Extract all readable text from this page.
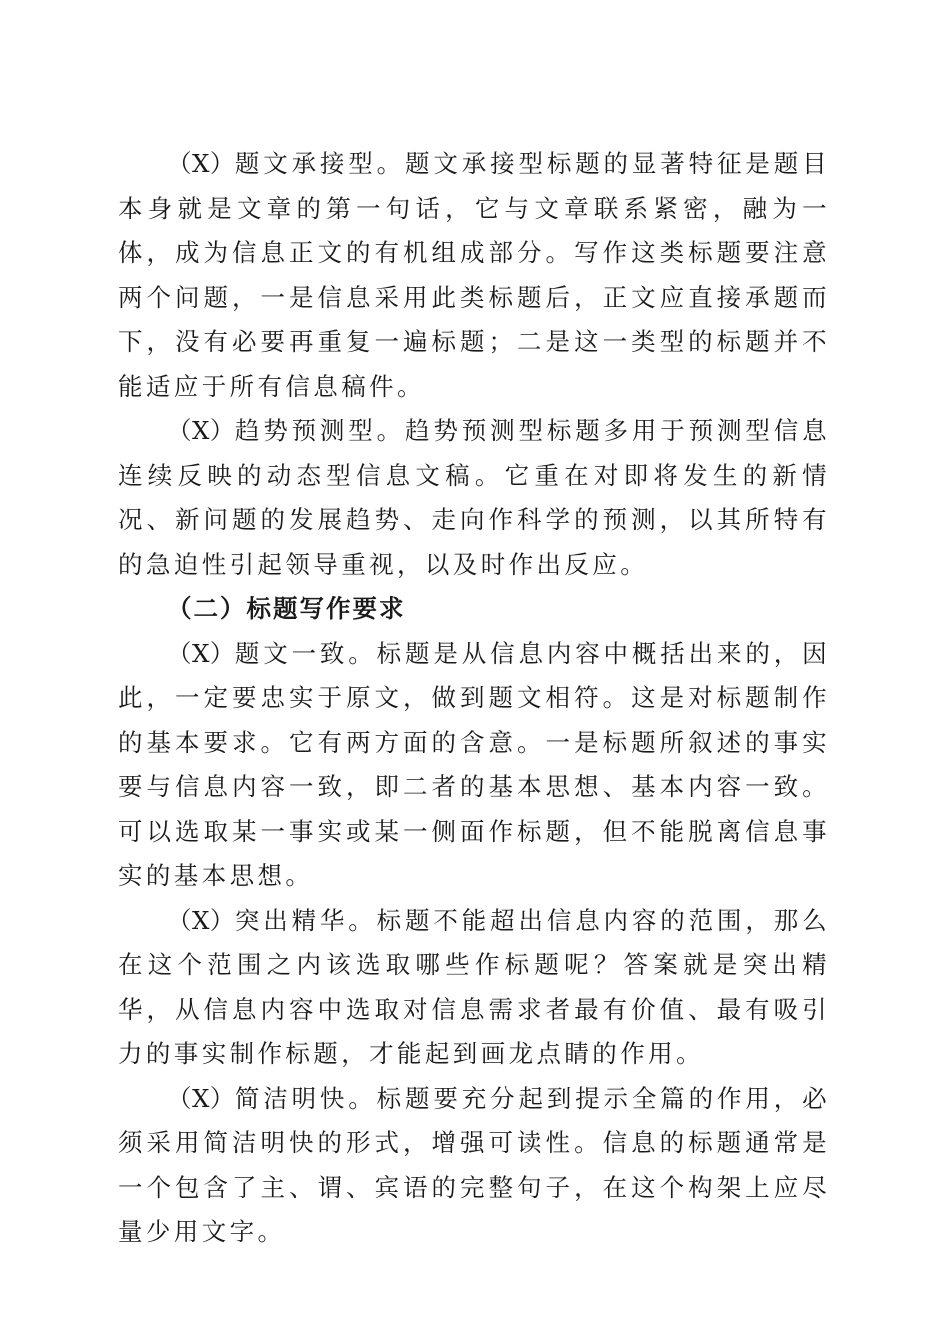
（X）题文承接型。题文承接型标题的显著特征是题目本身就是文章的第一句话，它与文章联系紧密，融为一体，成为信息正文的有机组成部分。写作这类标题要注意两个问题，一是信息采用此类标题后，正文应直接承题而下，没有必要再重复一遍标题；二是这一类型的标题并不能适应于所有信息稿件。

（X）趋势预测型。趋势预测型标题多用于预测型信息连续反映的动态型信息文稿。它重在对即将发生的新情况、新问题的发展趋势、走向作科学的预测，以其所特有的急迫性引起领导重视，以及时作出反应。

（二）标题写作要求

（X）题文一致。标题是从信息内容中概括出来的，因此，一定要忠实于原文，做到题文相符。这是对标题制作的基本要求。它有两方面的含意。一是标题所叙述的事实要与信息内容一致，即二者的基本思想、基本内容一致。可以选取某一事实或某一侧面作标题，但不能脱离信息事实的基本思想。

（X）突出精华。标题不能超出信息内容的范围，那么在这个范围之内该选取哪些作标题呢？答案就是突出精华，从信息内容中选取对信息需求者最有价值、最有吸引力的事实制作标题，才能起到画龙点睛的作用。

（X）简洁明快。标题要充分起到提示全篇的作用，必须采用简洁明快的形式，增强可读性。信息的标题通常是一个包含了主、谓、宾语的完整句子，在这个构架上应尽量少用文字。
